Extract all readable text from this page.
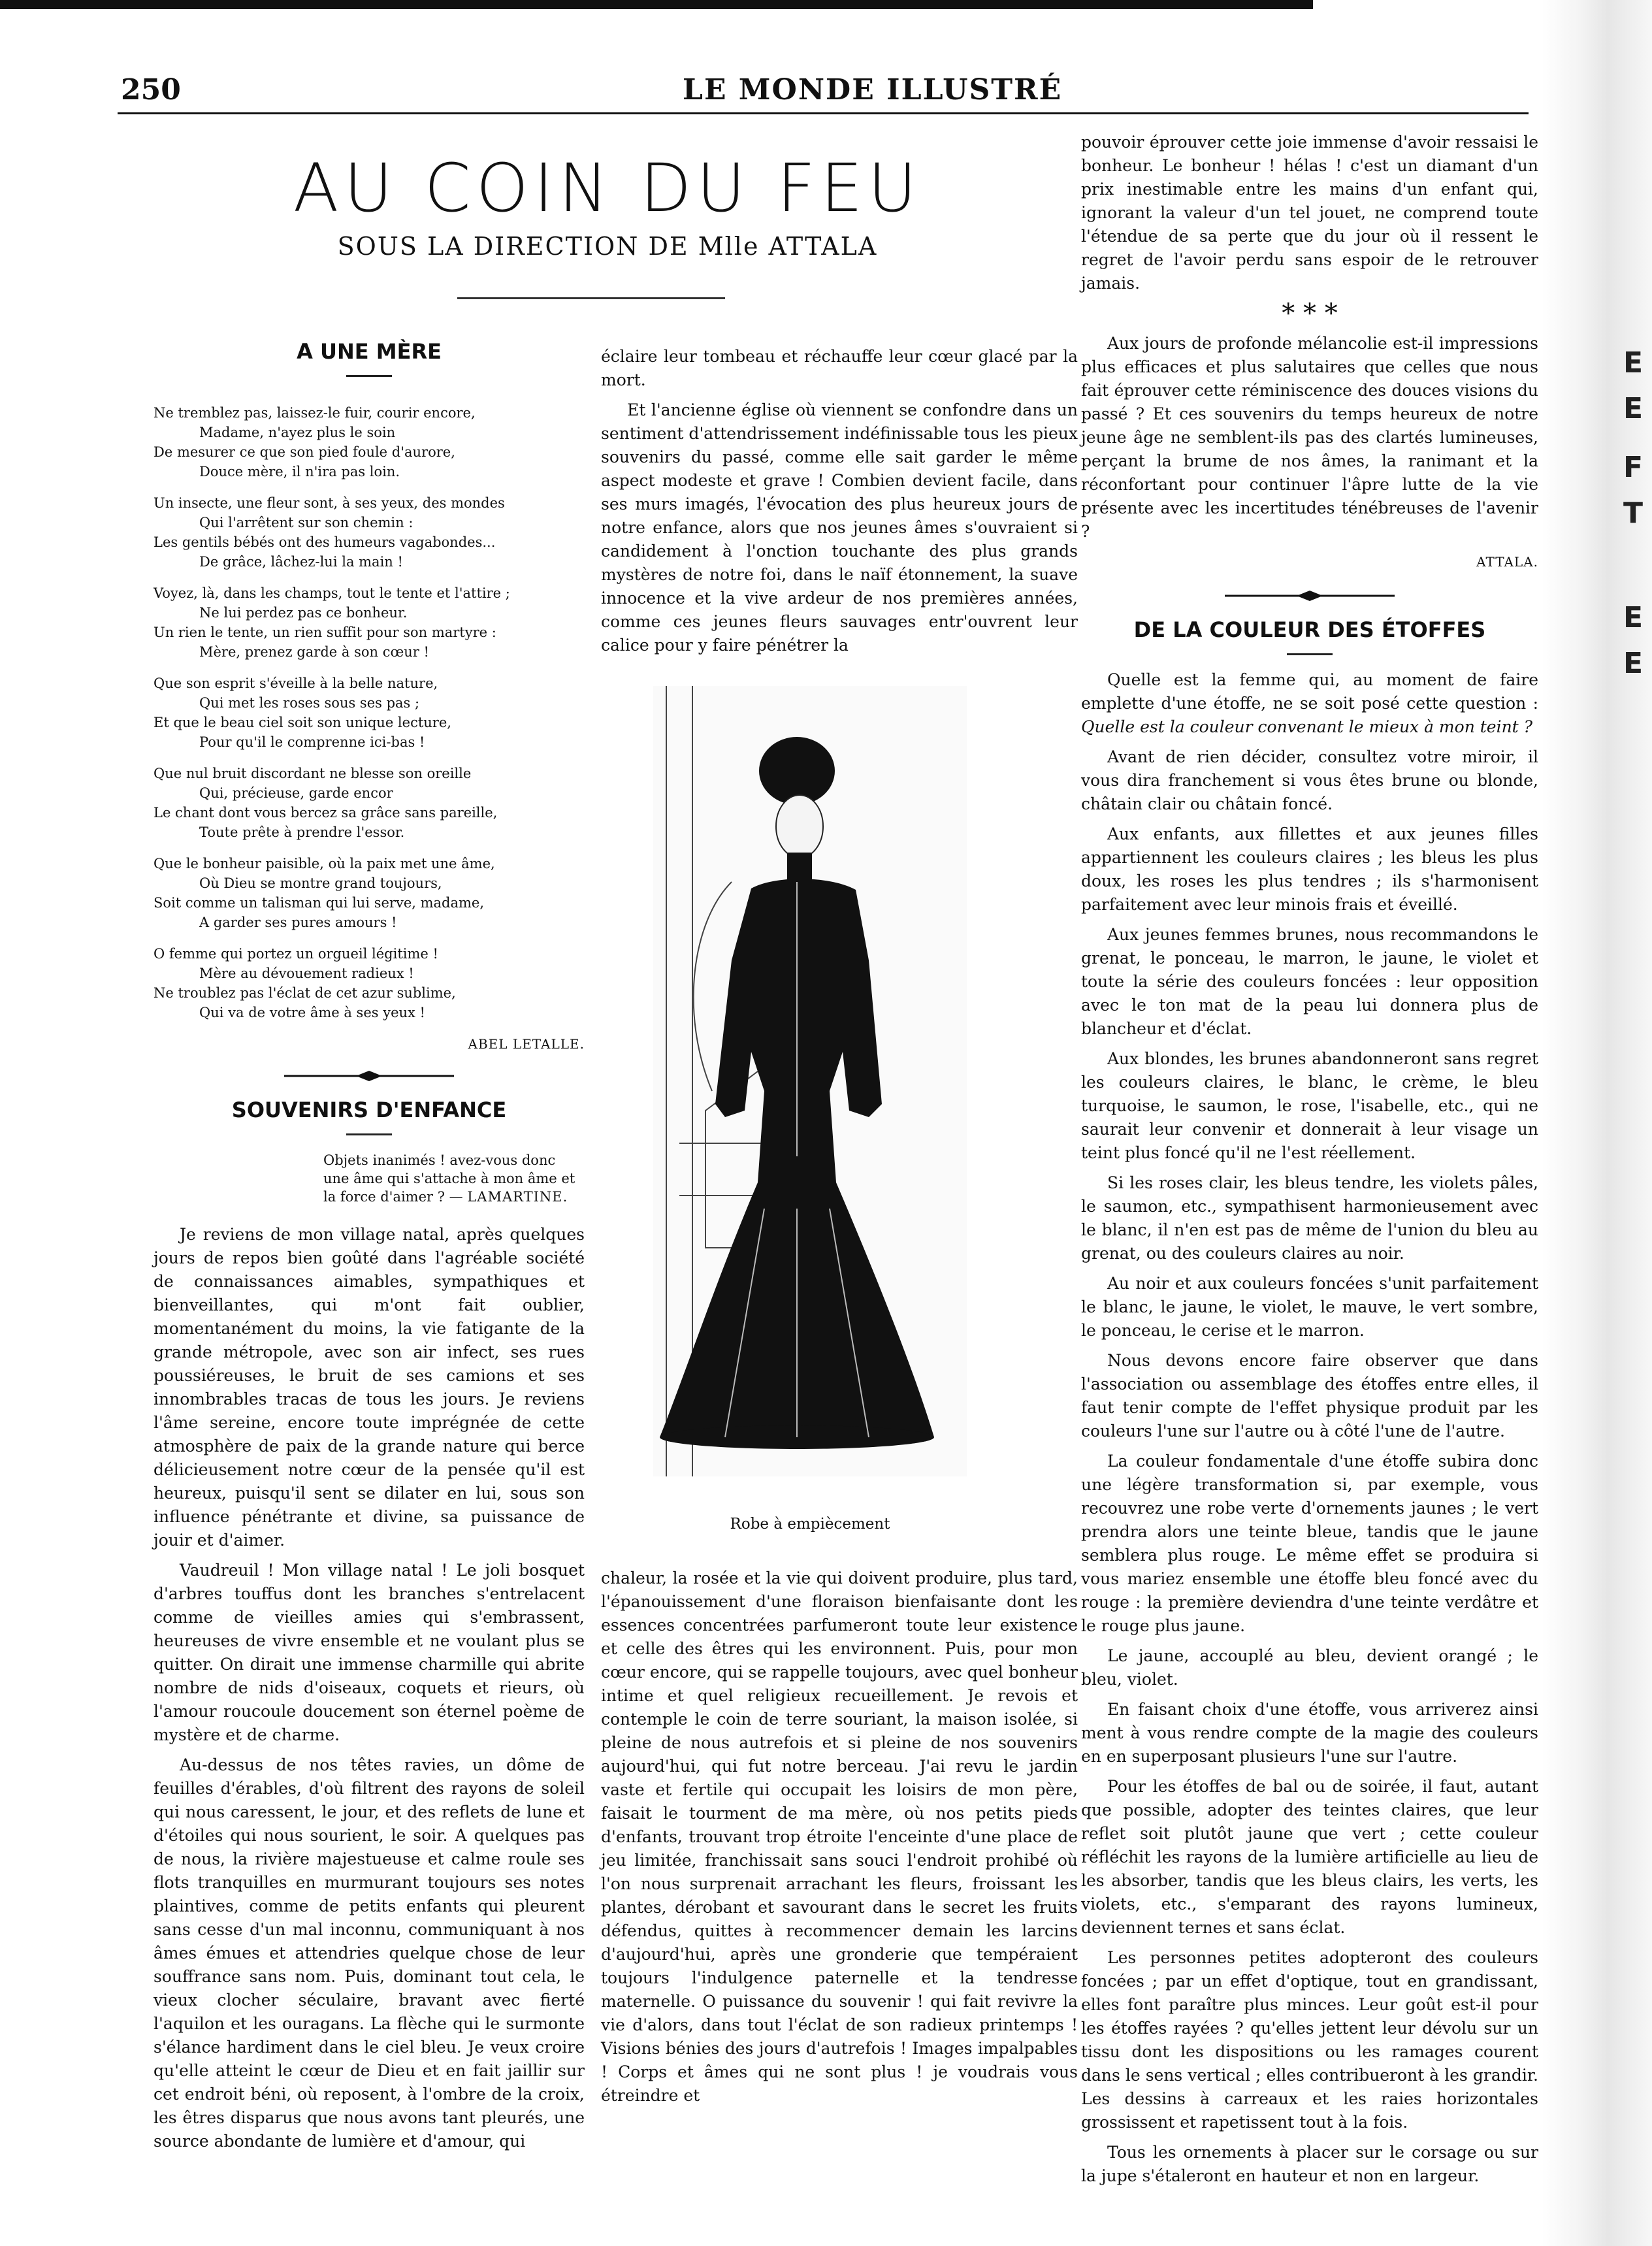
E
E
F
T
E
E
250	LE MONDE ILLUSTRÉ
AU COIN DU FEU
SOUS LA DIRECTION DE Mlle ATTALA
A UNE MÈRE
Ne tremblez pas, laissez-le fuir, courir encore,
Madame, n'ayez plus le soin
De mesurer ce que son pied foule d'aurore,
Douce mère, il n'ira pas loin.
Un insecte, une fleur sont, à ses yeux, des mondes
Qui l'arrêtent sur son chemin :
Les gentils bébés ont des humeurs vagabondes...
De grâce, lâchez-lui la main !
Voyez, là, dans les champs, tout le tente et l'attire ;
Ne lui perdez pas ce bonheur.
Un rien le tente, un rien suffit pour son martyre :
Mère, prenez garde à son cœur !
Que son esprit s'éveille à la belle nature,
Qui met les roses sous ses pas ;
Et que le beau ciel soit son unique lecture,
Pour qu'il le comprenne ici-bas !
Que nul bruit discordant ne blesse son oreille
Qui, précieuse, garde encor
Le chant dont vous bercez sa grâce sans pareille,
Toute prête à prendre l'essor.
Que le bonheur paisible, où la paix met une âme,
Où Dieu se montre grand toujours,
Soit comme un talisman qui lui serve, madame,
A garder ses pures amours !
O femme qui portez un orgueil légitime !
Mère au dévouement radieux !
Ne troublez pas l'éclat de cet azur sublime,
Qui va de votre âme à ses yeux !
ABEL LETALLE.
SOUVENIRS D'ENFANCE
Objets inanimés ! avez-vous donc une âme qui s'attache à mon âme et la force d'aimer ? — LAMARTINE.

Je reviens de mon village natal, après quelques jours de repos bien goûté dans l'agréable société de connaissances aimables, sympathiques et bienveillantes, qui m'ont fait oublier, momentanément du moins, la vie fatigante de la grande métropole, avec son air infect, ses rues poussiéreuses, le bruit de ses camions et ses innombrables tracas de tous les jours. Je reviens l'âme sereine, encore toute imprégnée de cette atmosphère de paix de la grande nature qui berce délicieusement notre cœur de la pensée qu'il est heureux, puisqu'il sent se dilater en lui, sous son influence pénétrante et divine, sa puissance de jouir et d'aimer.

Vaudreuil ! Mon village natal ! Le joli bosquet d'arbres touffus dont les branches s'entrelacent comme de vieilles amies qui s'embrassent, heureuses de vivre ensemble et ne voulant plus se quitter. On dirait une immense charmille qui abrite nombre de nids d'oiseaux, coquets et rieurs, où l'amour roucoule doucement son éternel poème de mystère et de charme.

Au-dessus de nos têtes ravies, un dôme de feuilles d'érables, d'où filtrent des rayons de soleil qui nous caressent, le jour, et des reflets de lune et d'étoiles qui nous sourient, le soir. A quelques pas de nous, la rivière majestueuse et calme roule ses flots tranquilles en murmurant toujours ses notes plaintives, comme de petits enfants qui pleurent sans cesse d'un mal inconnu, communiquant à nos âmes émues et attendries quelque chose de leur souffrance sans nom. Puis, dominant tout cela, le vieux clocher séculaire, bravant avec fierté l'aquilon et les ouragans. La flèche qui le surmonte s'élance hardiment dans le ciel bleu. Je veux croire qu'elle atteint le cœur de Dieu et en fait jaillir sur cet endroit béni, où reposent, à l'ombre de la croix, les êtres disparus que nous avons tant pleurés, une source abondante de lumière et d'amour, qui

éclaire leur tombeau et réchauffe leur cœur glacé par la mort.

Et l'ancienne église où viennent se confondre dans un sentiment d'attendrissement indéfinissable tous les pieux souvenirs du passé, comme elle sait garder le même aspect modeste et grave ! Combien devient facile, dans ses murs imagés, l'évocation des plus heureux jours de notre enfance, alors que nos jeunes âmes s'ouvraient si candidement à l'onction touchante des plus grands mystères de notre foi, dans le naïf étonnement, la suave innocence et la vive ardeur de nos premières années, comme ces jeunes fleurs sauvages entr'ouvrent leur calice pour y faire pénétrer la

Robe à empiècement

chaleur, la rosée et la vie qui doivent produire, plus tard, l'épanouissement d'une floraison bienfaisante dont les essences concentrées parfumeront toute leur existence et celle des êtres qui les environnent. Puis, pour mon cœur encore, qui se rappelle toujours, avec quel bonheur intime et quel religieux recueillement. Je revois et contemple le coin de terre souriant, la maison isolée, si pleine de nous autrefois et si pleine de nos souvenirs aujourd'hui, qui fut notre berceau. J'ai revu le jardin vaste et fertile qui occupait les loisirs de mon père, faisait le tourment de ma mère, où nos petits pieds d'enfants, trouvant trop étroite l'enceinte d'une place de jeu limitée, franchissait sans souci l'endroit prohibé où l'on nous surprenait arrachant les fleurs, froissant les plantes, dérobant et savourant dans le secret les fruits défendus, quittes à recommencer demain les larcins d'aujourd'hui, après une gronderie que tempéraient toujours l'indulgence paternelle et la tendresse maternelle. O puissance du souvenir ! qui fait revivre la vie d'alors, dans tout l'éclat de son radieux printemps ! Visions bénies des jours d'autrefois ! Images impalpables ! Corps et âmes qui ne sont plus ! je voudrais vous étreindre et

pouvoir éprouver cette joie immense d'avoir ressaisi le bonheur. Le bonheur ! hélas ! c'est un diamant d'un prix inestimable entre les mains d'un enfant qui, ignorant la valeur d'un tel jouet, ne comprend toute l'étendue de sa perte que du jour où il ressent le regret de l'avoir perdu sans espoir de le retrouver jamais.

* * *

Aux jours de profonde mélancolie est-il impressions plus efficaces et plus salutaires que celles que nous fait éprouver cette réminiscence des douces visions du passé ? Et ces souvenirs du temps heureux de notre jeune âge ne semblent-ils pas des clartés lumineuses, perçant la brume de nos âmes, la ranimant et la réconfortant pour continuer l'âpre lutte de la vie présente avec les incertitudes ténébreuses de l'avenir ?

ATTALA.
DE LA COULEUR DES ÉTOFFES

Quelle est la femme qui, au moment de faire emplette d'une étoffe, ne se soit posé cette question : Quelle est la couleur convenant le mieux à mon teint ?

Avant de rien décider, consultez votre miroir, il vous dira franchement si vous êtes brune ou blonde, châtain clair ou châtain foncé.

Aux enfants, aux fillettes et aux jeunes filles appartiennent les couleurs claires ; les bleus les plus doux, les roses les plus tendres ; ils s'harmonisent parfaitement avec leur minois frais et éveillé.

Aux jeunes femmes brunes, nous recommandons le grenat, le ponceau, le marron, le jaune, le violet et toute la série des couleurs foncées : leur opposition avec le ton mat de la peau lui donnera plus de blancheur et d'éclat.

Aux blondes, les brunes abandonneront sans regret les couleurs claires, le blanc, le crème, le bleu turquoise, le saumon, le rose, l'isabelle, etc., qui ne saurait leur convenir et donnerait à leur visage un teint plus foncé qu'il ne l'est réellement.

Si les roses clair, les bleus tendre, les violets pâles, le saumon, etc., sympathisent harmonieusement avec le blanc, il n'en est pas de même de l'union du bleu au grenat, ou des couleurs claires au noir.

Au noir et aux couleurs foncées s'unit parfaitement le blanc, le jaune, le violet, le mauve, le vert sombre, le ponceau, le cerise et le marron.

Nous devons encore faire observer que dans l'association ou assemblage des étoffes entre elles, il faut tenir compte de l'effet physique produit par les couleurs l'une sur l'autre ou à côté l'une de l'autre.

La couleur fondamentale d'une étoffe subira donc une légère transformation si, par exemple, vous recouvrez une robe verte d'ornements jaunes ; le vert prendra alors une teinte bleue, tandis que le jaune semblera plus rouge. Le même effet se produira si vous mariez ensemble une étoffe bleu foncé avec du rouge : la première deviendra d'une teinte verdâtre et le rouge plus jaune.

Le jaune, accouplé au bleu, devient orangé ; le bleu, violet.

En faisant choix d'une étoffe, vous arriverez ainsi ment à vous rendre compte de la magie des couleurs en en superposant plusieurs l'une sur l'autre.

Pour les étoffes de bal ou de soirée, il faut, autant que possible, adopter des teintes claires, que leur reflet soit plutôt jaune que vert ; cette couleur réfléchit les rayons de la lumière artificielle au lieu de les absorber, tandis que les bleus clairs, les verts, les violets, etc., s'emparant des rayons lumineux, deviennent ternes et sans éclat.

Les personnes petites adopteront des couleurs foncées ; par un effet d'optique, tout en grandissant, elles font paraître plus minces. Leur goût est-il pour les étoffes rayées ? qu'elles jettent leur dévolu sur un tissu dont les dispositions ou les ramages courent dans le sens vertical ; elles contribueront à les grandir. Les dessins à carreaux et les raies horizontales grossissent et rapetissent tout à la fois.

Tous les ornements à placer sur le corsage ou sur la jupe s'étaleront en hauteur et non en largeur.
